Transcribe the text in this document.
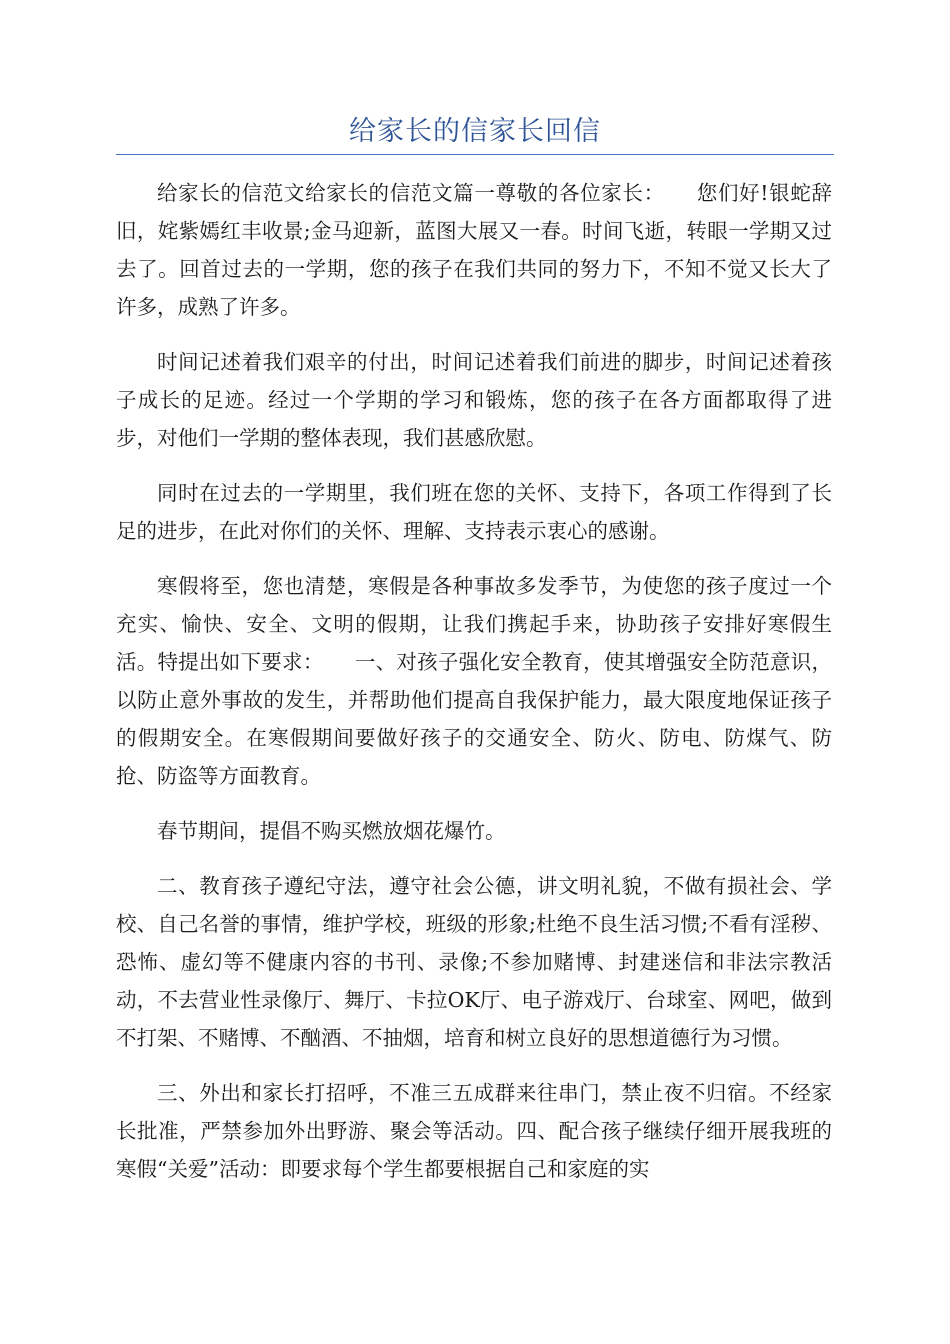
给家长的信家长回信

给家长的信范文给家长的信范文篇一尊敬的各位家长：　　您们好!银蛇辞旧，姹紫嫣红丰收景;金马迎新，蓝图大展又一春。时间飞逝，转眼一学期又过去了。回首过去的一学期，您的孩子在我们共同的努力下，不知不觉又长大了许多，成熟了许多。

时间记述着我们艰辛的付出，时间记述着我们前进的脚步，时间记述着孩子成长的足迹。经过一个学期的学习和锻炼，您的孩子在各方面都取得了进步，对他们一学期的整体表现，我们甚感欣慰。

同时在过去的一学期里，我们班在您的关怀、支持下，各项工作得到了长足的进步，在此对你们的关怀、理解、支持表示衷心的感谢。

寒假将至，您也清楚，寒假是各种事故多发季节，为使您的孩子度过一个充实、愉快、安全、文明的假期，让我们携起手来，协助孩子安排好寒假生活。特提出如下要求：　　一、对孩子强化安全教育，使其增强安全防范意识，以防止意外事故的发生，并帮助他们提高自我保护能力，最大限度地保证孩子的假期安全。在寒假期间要做好孩子的交通安全、防火、防电、防煤气、防抢、防盗等方面教育。

春节期间，提倡不购买燃放烟花爆竹。

二、教育孩子遵纪守法，遵守社会公德，讲文明礼貌，不做有损社会、学校、自己名誉的事情，维护学校，班级的形象;杜绝不良生活习惯;不看有淫秽、恐怖、虚幻等不健康内容的书刊、录像;不参加赌博、封建迷信和非法宗教活动，不去营业性录像厅、舞厅、卡拉OK厅、电子游戏厅、台球室、网吧，做到不打架、不赌博、不酗酒、不抽烟，培育和树立良好的思想道德行为习惯。

三、外出和家长打招呼，不准三五成群来往串门，禁止夜不归宿。不经家长批准，严禁参加外出野游、聚会等活动。四、配合孩子继续仔细开展我班的寒假“关爱”活动：即要求每个学生都要根据自己和家庭的实
